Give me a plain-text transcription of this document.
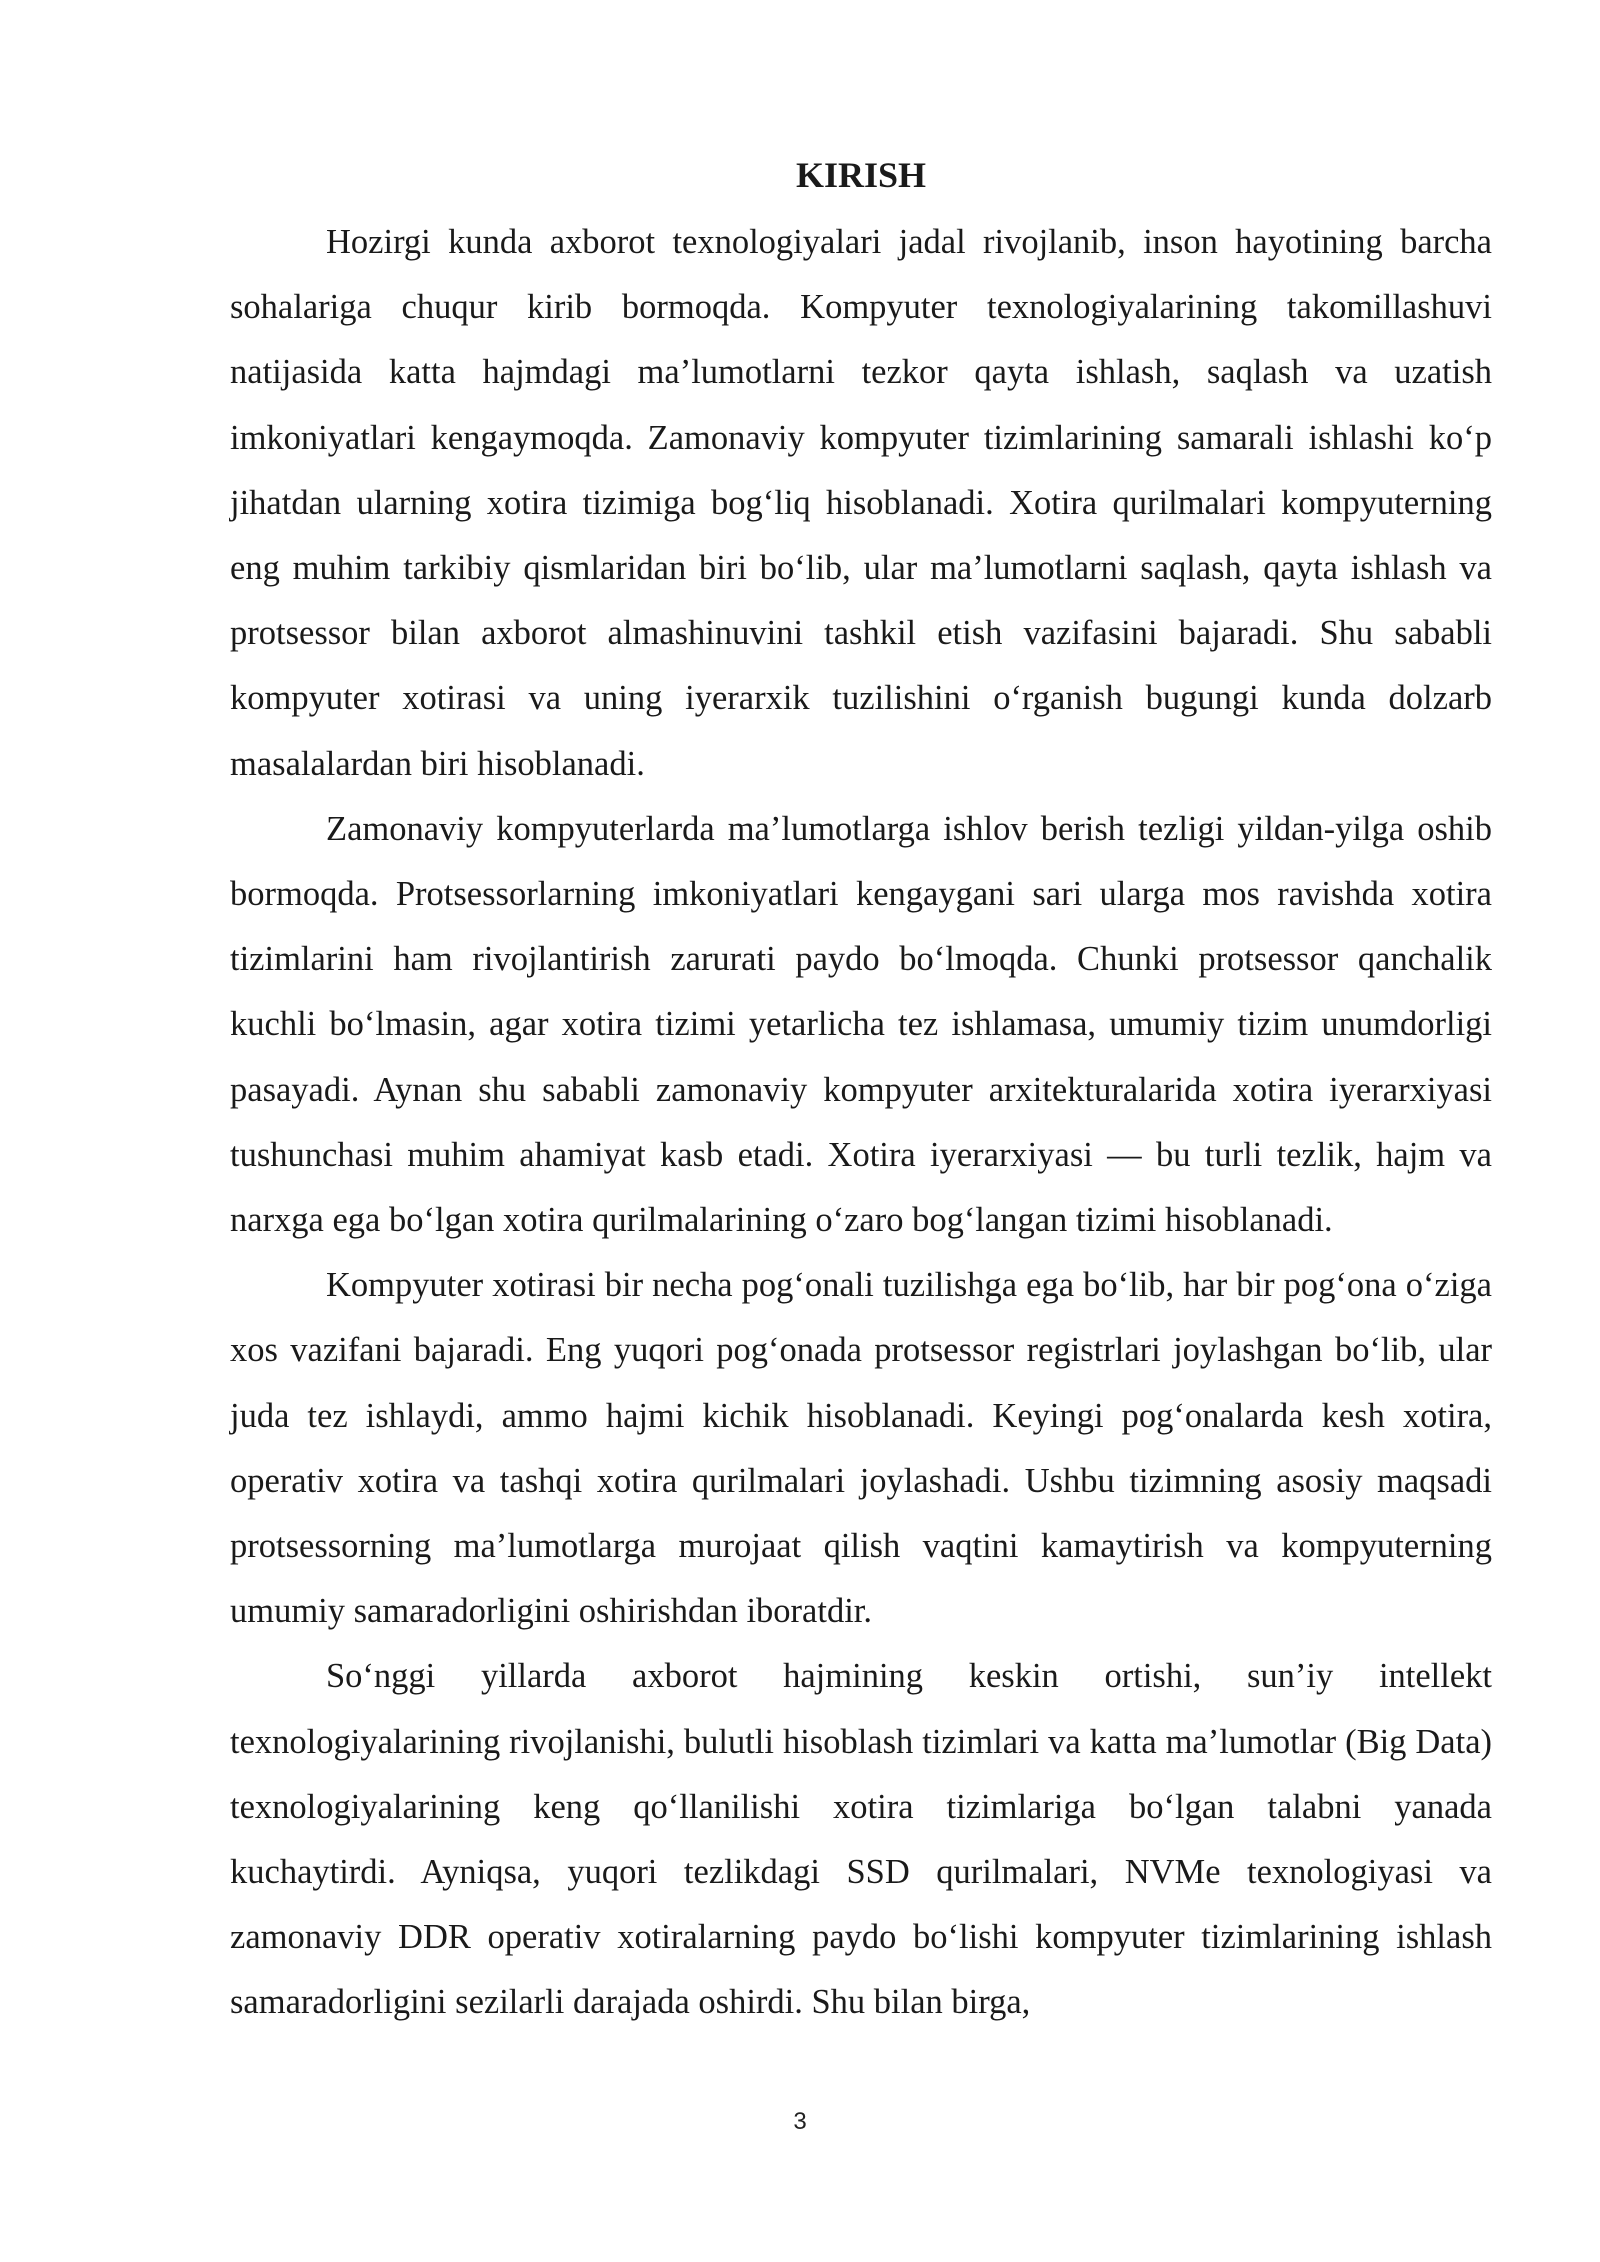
KIRISH

Hozirgi kunda axborot texnologiyalari jadal rivojlanib, inson hayotining barcha sohalariga chuqur kirib bormoqda. Kompyuter texnologiyalarining takomillashuvi natijasida katta hajmdagi ma’lumotlarni tezkor qayta ishlash, saqlash va uzatish imkoniyatlari kengaymoqda. Zamonaviy kompyuter tizimlarining samarali ishlashi ko‘p jihatdan ularning xotira tizimiga bog‘liq hisoblanadi. Xotira qurilmalari kompyuterning eng muhim tarkibiy qismlaridan biri bo‘lib, ular ma’lumotlarni saqlash, qayta ishlash va protsessor bilan axborot almashinuvini tashkil etish vazifasini bajaradi. Shu sababli kompyuter xotirasi va uning iyerarxik tuzilishini o‘rganish bugungi kunda dolzarb masalalardan biri hisoblanadi.

Zamonaviy kompyuterlarda ma’lumotlarga ishlov berish tezligi yildan-yilga oshib bormoqda. Protsessorlarning imkoniyatlari kengaygani sari ularga mos ravishda xotira tizimlarini ham rivojlantirish zarurati paydo bo‘lmoqda. Chunki protsessor qanchalik kuchli bo‘lmasin, agar xotira tizimi yetarlicha tez ishlamasa, umumiy tizim unumdorligi pasayadi. Aynan shu sababli zamonaviy kompyuter arxitekturalarida xotira iyerarxiyasi tushunchasi muhim ahamiyat kasb etadi. Xotira iyerarxiyasi — bu turli tezlik, hajm va narxga ega bo‘lgan xotira qurilmalarining o‘zaro bog‘langan tizimi hisoblanadi.

Kompyuter xotirasi bir necha pog‘onali tuzilishga ega bo‘lib, har bir pog‘ona o‘ziga xos vazifani bajaradi. Eng yuqori pog‘onada protsessor registrlari joylashgan bo‘lib, ular juda tez ishlaydi, ammo hajmi kichik hisoblanadi. Keyingi pog‘onalarda kesh xotira, operativ xotira va tashqi xotira qurilmalari joylashadi. Ushbu tizimning asosiy maqsadi protsessorning ma’lumotlarga murojaat qilish vaqtini kamaytirish va kompyuterning umumiy samaradorligini oshirishdan iboratdir.

So‘nggi yillarda axborot hajmining keskin ortishi, sun’iy intellekt texnologiyalarining rivojlanishi, bulutli hisoblash tizimlari va katta ma’lumotlar (Big Data) texnologiyalarining keng qo‘llanilishi xotira tizimlariga bo‘lgan talabni yanada kuchaytirdi. Ayniqsa, yuqori tezlikdagi SSD qurilmalari, NVMe texnologiyasi va zamonaviy DDR operativ xotiralarning paydo bo‘lishi kompyuter tizimlarining ishlash samaradorligini sezilarli darajada oshirdi. Shu bilan birga,

3
